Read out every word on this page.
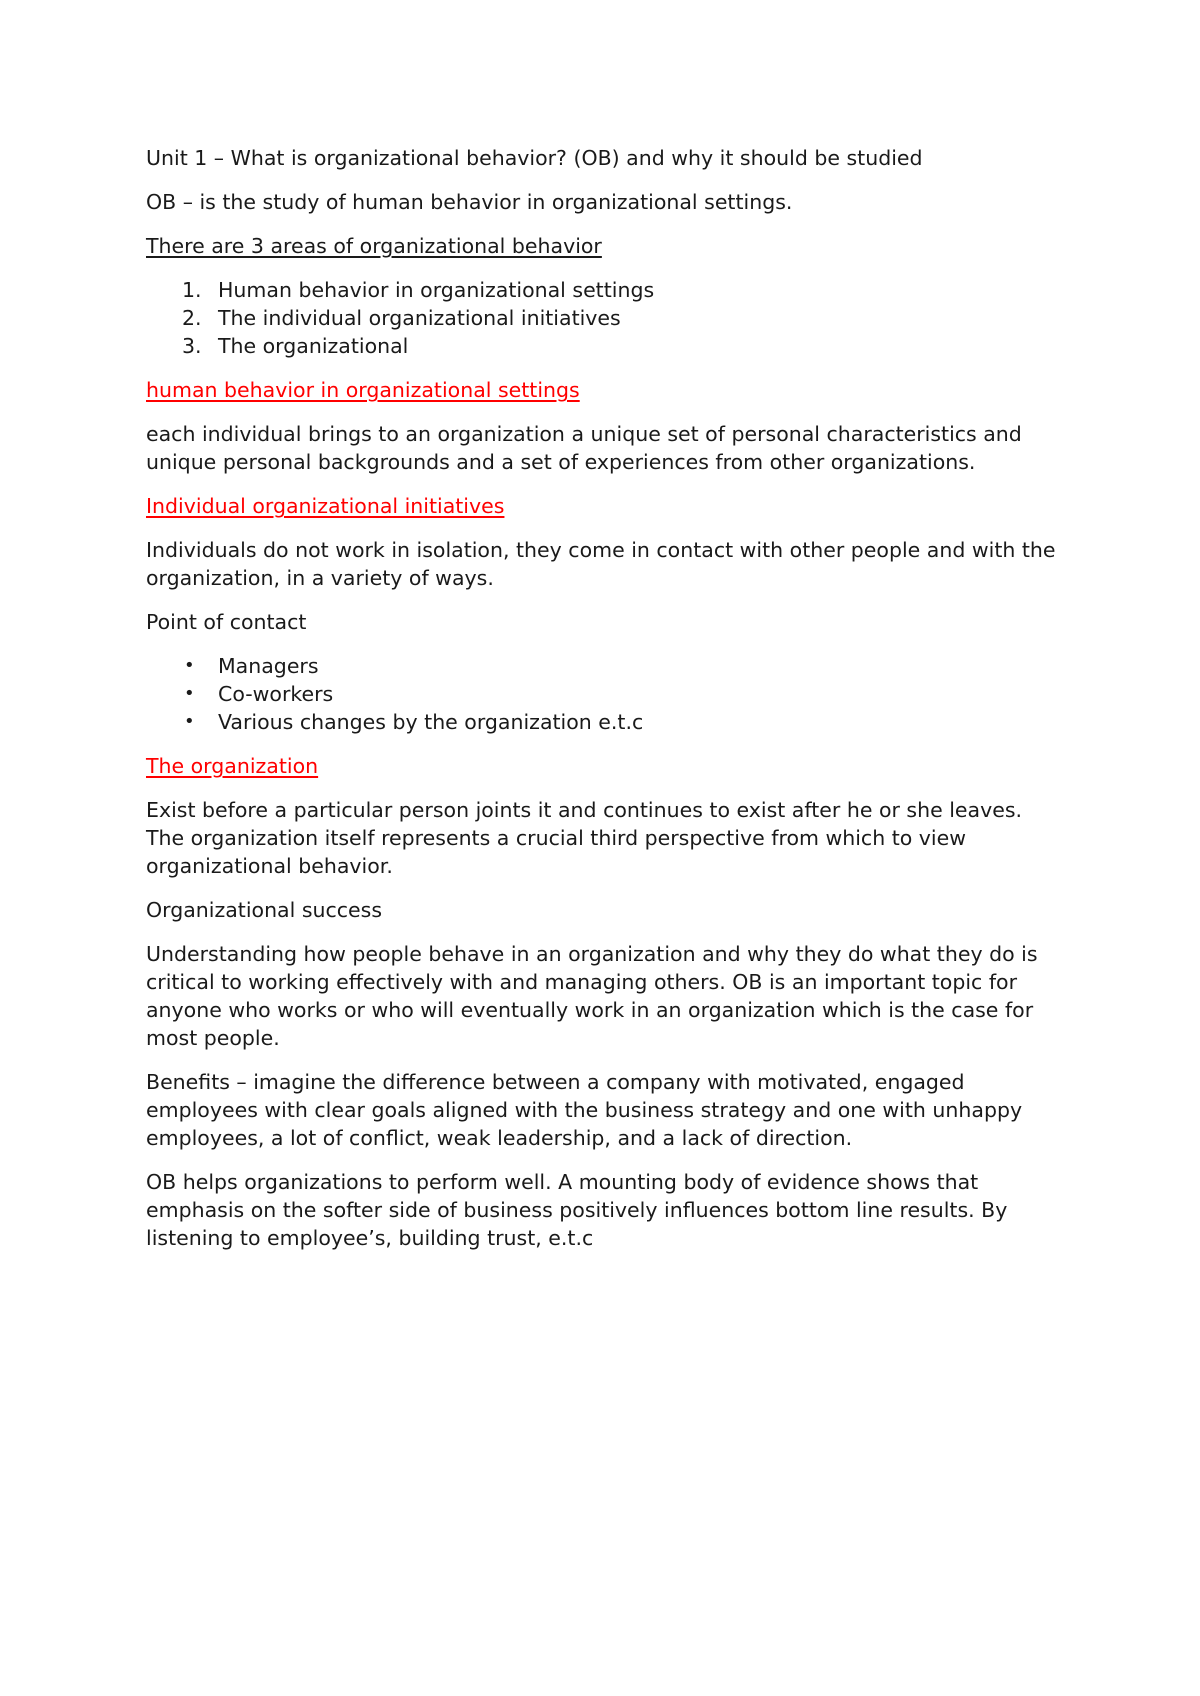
Unit 1 – What is organizational behavior? (OB) and why it should be studied

OB – is the study of human behavior in organizational settings.

There are 3 areas of organizational behavior

1. Human behavior in organizational settings
2. The individual organizational initiatives
3. The organizational

human behavior in organizational settings

each individual brings to an organization a unique set of personal characteristics and unique personal backgrounds and a set of experiences from other organizations.

Individual organizational initiatives

Individuals do not work in isolation, they come in contact with other people and with the organization, in a variety of ways.

Point of contact

•	Managers
•	Co-workers
•	Various changes by the organization e.t.c

The organization

Exist before a particular person joints it and continues to exist after he or she leaves. The organization itself represents a crucial third perspective from which to view organizational behavior.

Organizational success

Understanding how people behave in an organization and why they do what they do is critical to working effectively with and managing others. OB is an important topic for anyone who works or who will eventually work in an organization which is the case for most people.

Benefits – imagine the difference between a company with motivated, engaged employees with clear goals aligned with the business strategy and one with unhappy employees, a lot of conflict, weak leadership, and a lack of direction.

OB helps organizations to perform well. A mounting body of evidence shows that emphasis on the softer side of business positively influences bottom line results. By listening to employee’s, building trust, e.t.c
